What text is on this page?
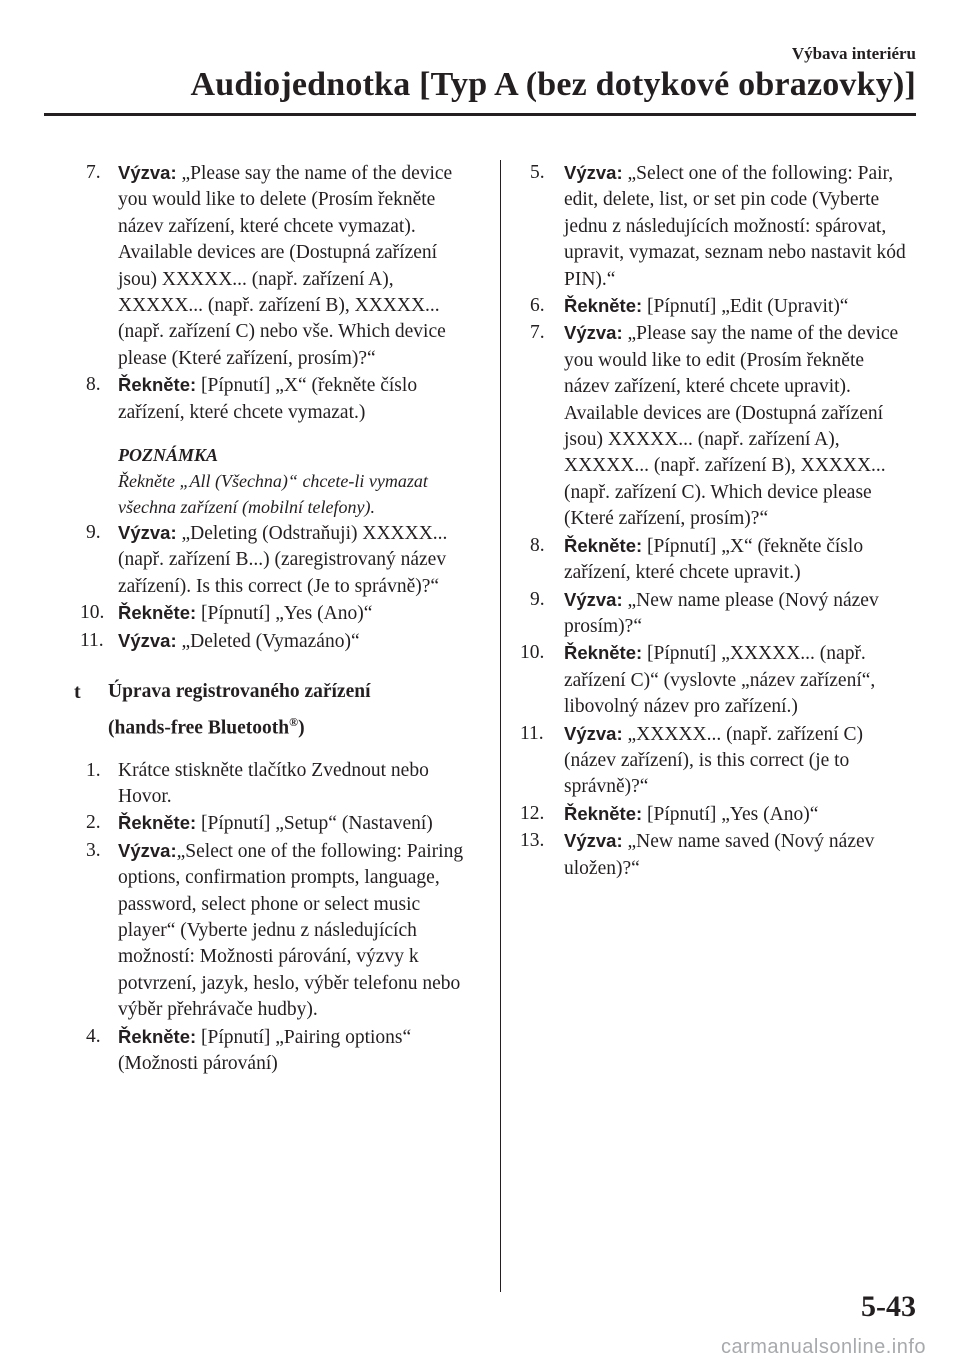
Výbava interiéru
Audiojednotka [Typ A (bez dotykové obrazovky)]

7. Výzva: „Please say the name of the device you would like to delete (Prosím řekněte název zařízení, které chcete vymazat). Available devices are (Dostupná zařízení jsou) XXXXX... (např. zařízení A), XXXXX... (např. zařízení B), XXXXX... (např. zařízení C) nebo vše. Which device please (Které zařízení, prosím)?“

8. Řekněte: [Pípnutí] „X“ (řekněte číslo zařízení, které chcete vymazat.)

POZNÁMKA
Řekněte „All (Všechna)“ chcete-li vymazat všechna zařízení (mobilní telefony).

9. Výzva: „Deleting (Odstraňuji) XXXXX... (např. zařízení B...) (zaregistrovaný název zařízení). Is this correct (Je to správně)?“

10. Řekněte: [Pípnutí] „Yes (Ano)“

11. Výzva: „Deleted (Vymazáno)“

t Úprava registrovaného zařízení
(hands-free Bluetooth®)

1. Krátce stiskněte tlačítko Zvednout nebo Hovor.

2. Řekněte: [Pípnutí] „Setup“ (Nastavení)

3. Výzva:„Select one of the following: Pairing options, confirmation prompts, language, password, select phone or select music player“ (Vyberte jednu z následujících možností: Možnosti párování, výzvy k potvrzení, jazyk, heslo, výběr telefonu nebo výběr přehrávače hudby).

4. Řekněte: [Pípnutí] „Pairing options“ (Možnosti párování)

5. Výzva: „Select one of the following: Pair, edit, delete, list, or set pin code (Vyberte jednu z následujících možností: spárovat, upravit, vymazat, seznam nebo nastavit kód PIN).“

6. Řekněte: [Pípnutí] „Edit (Upravit)“

7. Výzva: „Please say the name of the device you would like to edit (Prosím řekněte název zařízení, které chcete upravit). Available devices are (Dostupná zařízení jsou) XXXXX... (např. zařízení A), XXXXX... (např. zařízení B), XXXXX... (např. zařízení C). Which device please (Které zařízení, prosím)?“

8. Řekněte: [Pípnutí] „X“ (řekněte číslo zařízení, které chcete upravit.)

9. Výzva: „New name please (Nový název prosím)?“

10. Řekněte: [Pípnutí] „XXXXX... (např. zařízení C)“ (vyslovte „název zařízení“, libovolný název pro zařízení.)

11. Výzva: „XXXXX... (např. zařízení C) (název zařízení), is this correct (je to správně)?“

12. Řekněte: [Pípnutí] „Yes (Ano)“

13. Výzva: „New name saved (Nový název uložen)?“

5-43
carmanualsonline.info
